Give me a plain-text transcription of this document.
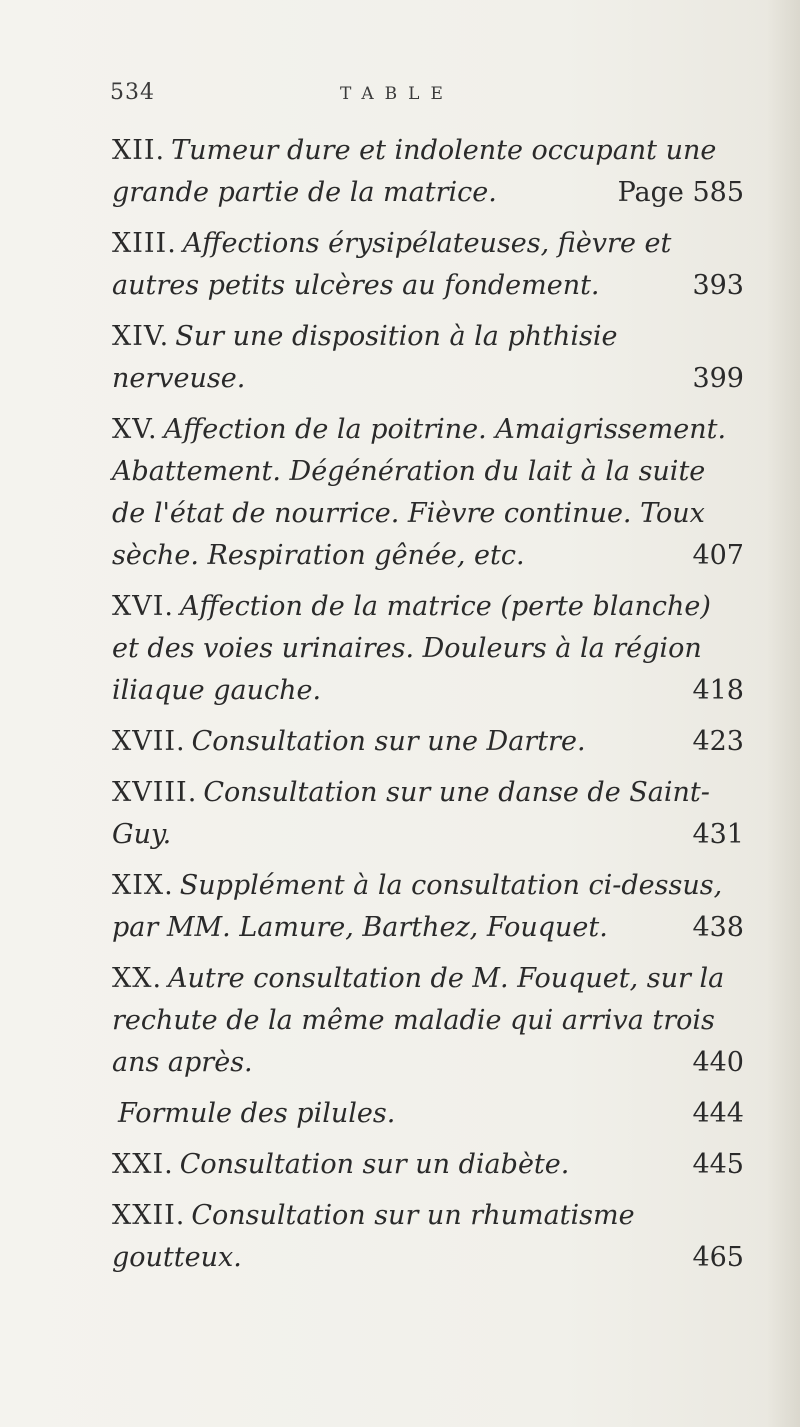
534	TABLE
XII. Tumeur dure et indolente occupant une grande partie de la matrice.	Page 585
XIII. Affections érysipélateuses, fièvre et autres petits ulcères au fondement.	393
XIV. Sur une disposition à la phthisie nerveuse.	399
XV. Affection de la poitrine. Amaigrissement. Abattement. Dégénération du lait à la suite de l'état de nourrice. Fièvre continue. Toux sèche. Respiration gênée, etc.	407
XVI. Affection de la matrice (perte blanche) et des voies urinaires. Douleurs à la région iliaque gauche.	418
XVII. Consultation sur une Dartre.	423
XVIII. Consultation sur une danse de Saint-Guy.	431
XIX. Supplément à la consultation ci-dessus, par MM. Lamure, Barthez, Fouquet.	438
XX. Autre consultation de M. Fouquet, sur la rechute de la même maladie qui arriva trois ans après.	440
Formule des pilules.	444
XXI. Consultation sur un diabète.	445
XXII. Consultation sur un rhumatisme goutteux.	465
